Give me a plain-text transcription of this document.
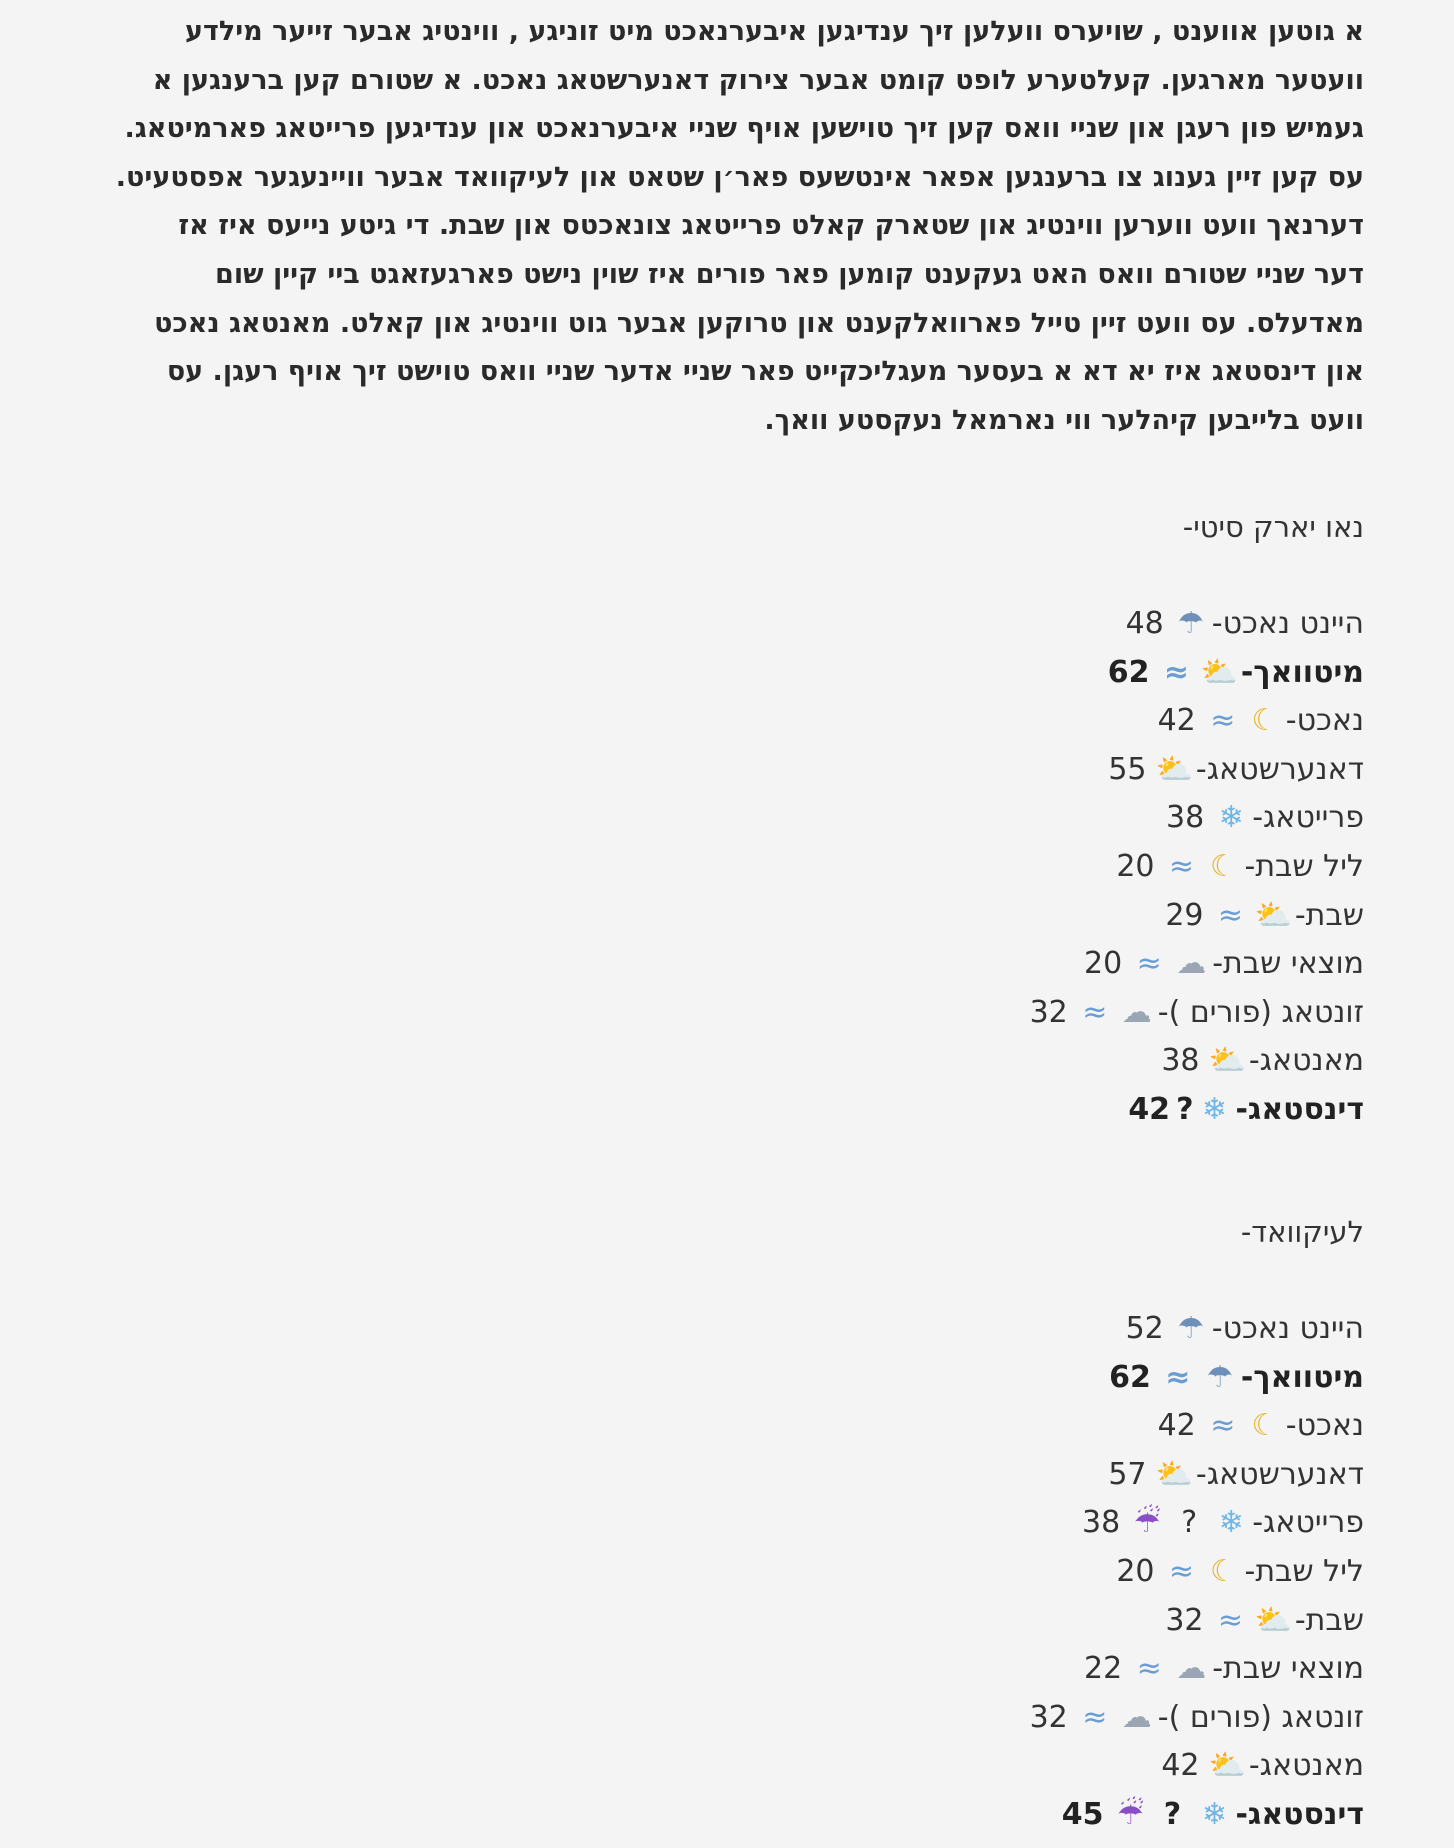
א גוטען אווענט , שויערס וועלען זיך ענדיגען איבערנאכט מיט זוניגע , ווינטיג אבער זייער מילדע
וועטער מארגען. קעלטערע לופט קומט אבער צירוק דאנערשטאג נאכט. א שטורם קען ברענגען א
געמיש פון רעגן און שניי וואס קען זיך טוישען אויף שניי איבערנאכט און ענדיגען פרייטאג פארמיטאג.
עס קען זיין גענוג צו ברענגען אפאר אינטשעס פאר׳ן שטאט און לעיקוואד אבער וויינעגער אפסטעיט.
דערנאך וועט ווערען ווינטיג און שטארק קאלט פרייטאג צונאכטס און שבת. די גיטע נייעס איז אז
דער שניי שטורם וואס האט געקענט קומען פאר פורים איז שוין נישט פארגעזאגט ביי קיין שום
מאדעלס. עס וועט זיין טייל פארוואלקענט און טרוקען אבער גוט ווינטיג און קאלט. מאנטאג נאכט
און דינסטאג איז יא דא א בעסער מעגליכקייט פאר שניי אדער שניי וואס טוישט זיך אויף רעגן. עס
וועט בלייבען קיהלער ווי נארמאל נעקסטע וואך.

נאו יארק סיטי-
היינט נאכט-☂48
מיטוואך-⛅≈62
נאכט-☾≈42
דאנערשטאג-⛅55
פרייטאג-❄38
ליל שבת-☾≈20
שבת-⛅≈29
מוצאי שבת-☁≈20
זונטאג (פורים )-☁≈32
מאנטאג-⛅38
דינסטאג-❄?42
לעיקוואד-
היינט נאכט-☂52
מיטוואך-☂≈62
נאכט-☾≈42
דאנערשטאג-⛅57
פרייטאג-❄?☔38
ליל שבת-☾≈20
שבת-⛅≈32
מוצאי שבת-☁≈22
זונטאג (פורים )-☁≈32
מאנטאג-⛅42
דינסטאג-❄?☔45
